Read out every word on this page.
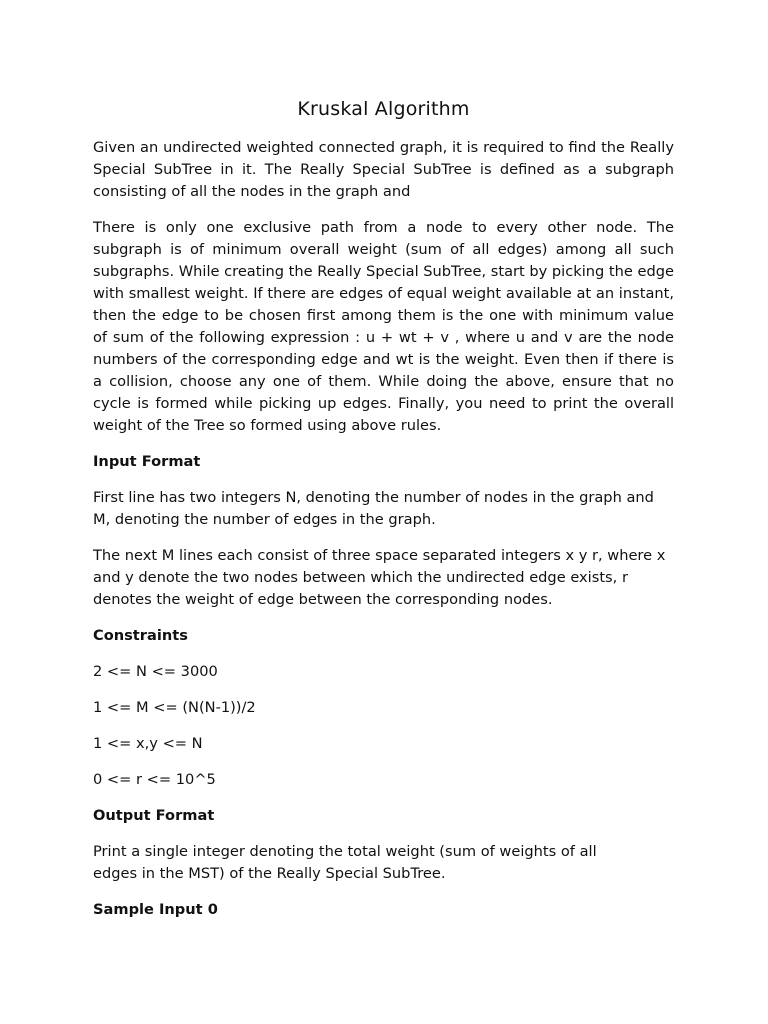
Kruskal Algorithm

Given an undirected weighted connected graph, it is required to find the Really Special SubTree in it. The Really Special SubTree is defined as a subgraph consisting of all the nodes in the graph and

There is only one exclusive path from a node to every other node. The subgraph is of minimum overall weight (sum of all edges) among all such subgraphs. While creating the Really Special SubTree, start by picking the edge with smallest weight. If there are edges of equal weight available at an instant, then the edge to be chosen first among them is the one with minimum value of sum of the following expression : u + wt + v , where u and v are the node numbers of the corresponding edge and wt is the weight. Even then if there is a collision, choose any one of them. While doing the above, ensure that no cycle is formed while picking up edges. Finally, you need to print the overall weight of the Tree so formed using above rules.

Input Format

First line has two integers N, denoting the number of nodes in the graph and M, denoting the number of edges in the graph.

The next M lines each consist of three space separated integers x y r, where x and y denote the two nodes between which the undirected edge exists, r denotes the weight of edge between the corresponding nodes.

Constraints

2 <= N <= 3000

1 <= M <= (N(N-1))/2

1 <= x,y <= N

0 <= r <= 10^5

Output Format

Print a single integer denoting the total weight (sum of weights of all edges in the MST) of the Really Special SubTree.

Sample Input 0
